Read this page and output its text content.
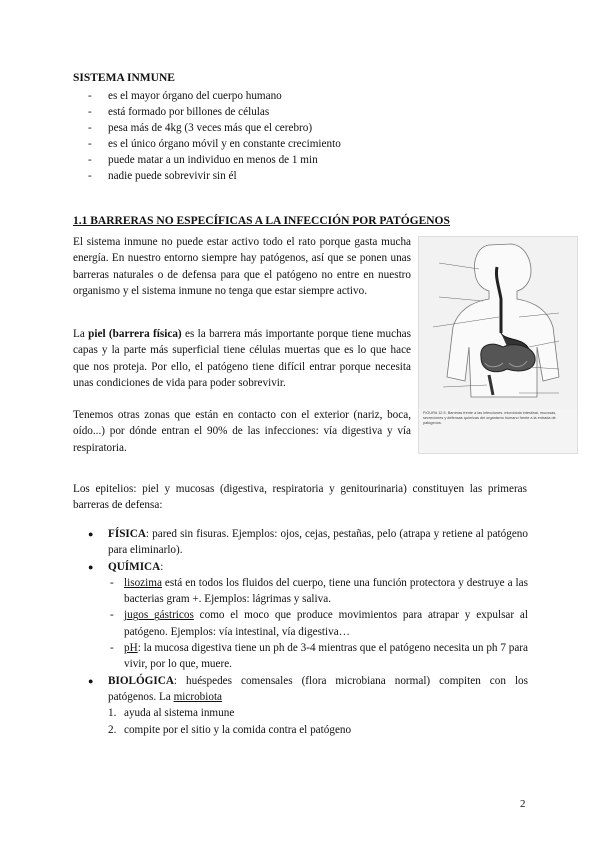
SISTEMA INMUNE
- es el mayor órgano del cuerpo humano
- está formado por billones de células
- pesa más de 4kg (3 veces más que el cerebro)
- es el único órgano móvil y en constante crecimiento
- puede matar a un individuo en menos de 1 min
- nadie puede sobrevivir sin él
1.1 BARRERAS NO ESPECÍFICAS A LA INFECCIÓN POR PATÓGENOS

El sistema inmune no puede estar activo todo el rato porque gasta mucha energía. En nuestro entorno siempre hay patógenos, así que se ponen unas barreras naturales o de defensa para que el patógeno no entre en nuestro organismo y el sistema inmune no tenga que estar siempre activo.

La piel (barrera física) es la barrera más importante porque tiene muchas capas y la parte más superficial tiene células muertas que es lo que hace que nos proteja. Por ello, el patógeno tiene difícil entrar porque necesita unas condiciones de vida para poder sobrevivir.

Tenemos otras zonas que están en contacto con el exterior (nariz, boca, oído...) por dónde entran el 90% de las infecciones: vía digestiva y vía respiratoria.

FIGURA 12.5. Barreras frente a las infecciones: microbiota intestinal, mucosas, secreciones y defensas químicas del organismo humano frente a la entrada de patógenos.

Los epitelios: piel y mucosas (digestiva, respiratoria y genitourinaria) constituyen las primeras barreras de defensa:

● FÍSICA: pared sin fisuras. Ejemplos: ojos, cejas, pestañas, pelo (atrapa y retiene al patógeno para eliminarlo).
● QUÍMICA:
- lisozima está en todos los fluidos del cuerpo, tiene una función protectora y destruye a las bacterias gram +. Ejemplos: lágrimas y saliva.
- jugos gástricos como el moco que produce movimientos para atrapar y expulsar al patógeno. Ejemplos: vía intestinal, vía digestiva…
- pH: la mucosa digestiva tiene un ph de 3-4 mientras que el patógeno necesita un ph 7 para vivir, por lo que, muere.
● BIOLÓGICA: huéspedes comensales (flora microbiana normal) compiten con los patógenos. La microbiota
1. ayuda al sistema inmune
2. compite por el sitio y la comida contra el patógeno
2
